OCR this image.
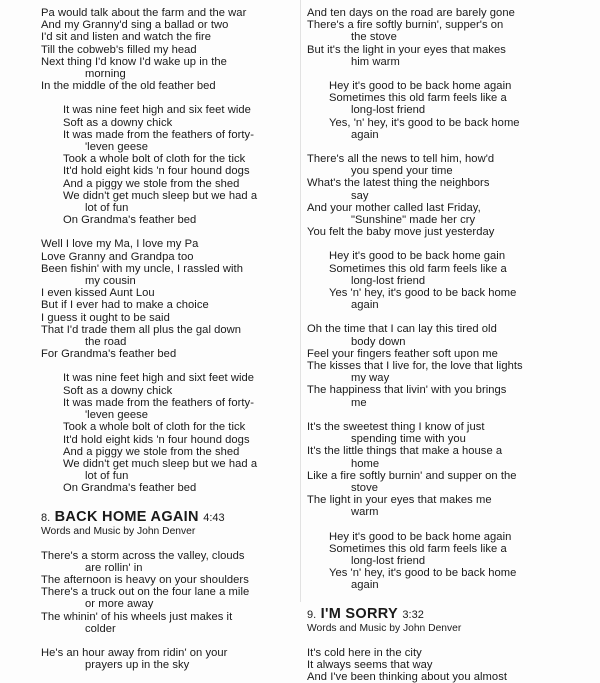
Pa would talk about the farm and the war
And my Granny'd sing a ballad or two
I'd sit and listen and watch the fire
Till the cobweb's filled my head
Next thing I'd know I'd wake up in the
morning
In the middle of the old feather bed
It was nine feet high and six feet wide
Soft as a downy chick
It was made from the feathers of forty-
'leven geese
Took a whole bolt of cloth for the tick
It'd hold eight kids 'n four hound dogs
And a piggy we stole from the shed
We didn't get much sleep but we had a
lot of fun
On Grandma's feather bed
Well I love my Ma, I love my Pa
Love Granny and Grandpa too
Been fishin' with my uncle, I rassled with
my cousin
I even kissed Aunt Lou
But if I ever had to make a choice
I guess it ought to be said
That I'd trade them all plus the gal down
the road
For Grandma's feather bed
It was nine feet high and sixt feet wide
Soft as a downy chick
It was made from the feathers of forty-
'leven geese
Took a whole bolt of cloth for the tick
It'd hold eight kids 'n four hound dogs
And a piggy we stole from the shed
We didn't get much sleep but we had a
lot of fun
On Grandma's feather bed
8. BACK HOME AGAIN 4:43
Words and Music by John Denver
There's a storm across the valley, clouds
are rollin' in
The afternoon is heavy on your shoulders
There's a truck out on the four lane a mile
or more away
The whinin' of his wheels just makes it
colder
He's an hour away from ridin' on your
prayers up in the sky
And ten days on the road are barely gone
There's a fire softly burnin', supper's on
the stove
But it's the light in your eyes that makes
him warm
Hey it's good to be back home again
Sometimes this old farm feels like a
long-lost friend
Yes, 'n' hey, it's good to be back home
again
There's all the news to tell him, how'd
you spend your time
What's the latest thing the neighbors
say
And your mother called last Friday,
"Sunshine" made her cry
You felt the baby move just yesterday
Hey it's good to be back home gain
Sometimes this old farm feels like a
long-lost friend
Yes 'n' hey, it's good to be back home
again
Oh the time that I can lay this tired old
body down
Feel your fingers feather soft upon me
The kisses that I live for, the love that lights
my way
The happiness that livin' with you brings
me
It's the sweetest thing I know of just
spending time with you
It's the little things that make a house a
home
Like a fire softly burnin' and supper on the
stove
The light in your eyes that makes me
warm
Hey it's good to be back home again
Sometimes this old farm feels like a
long-lost friend
Yes 'n' hey, it's good to be back home
again
9. I'M SORRY 3:32
Words and Music by John Denver
It's cold here in the city
It always seems that way
And I've been thinking about you almost
